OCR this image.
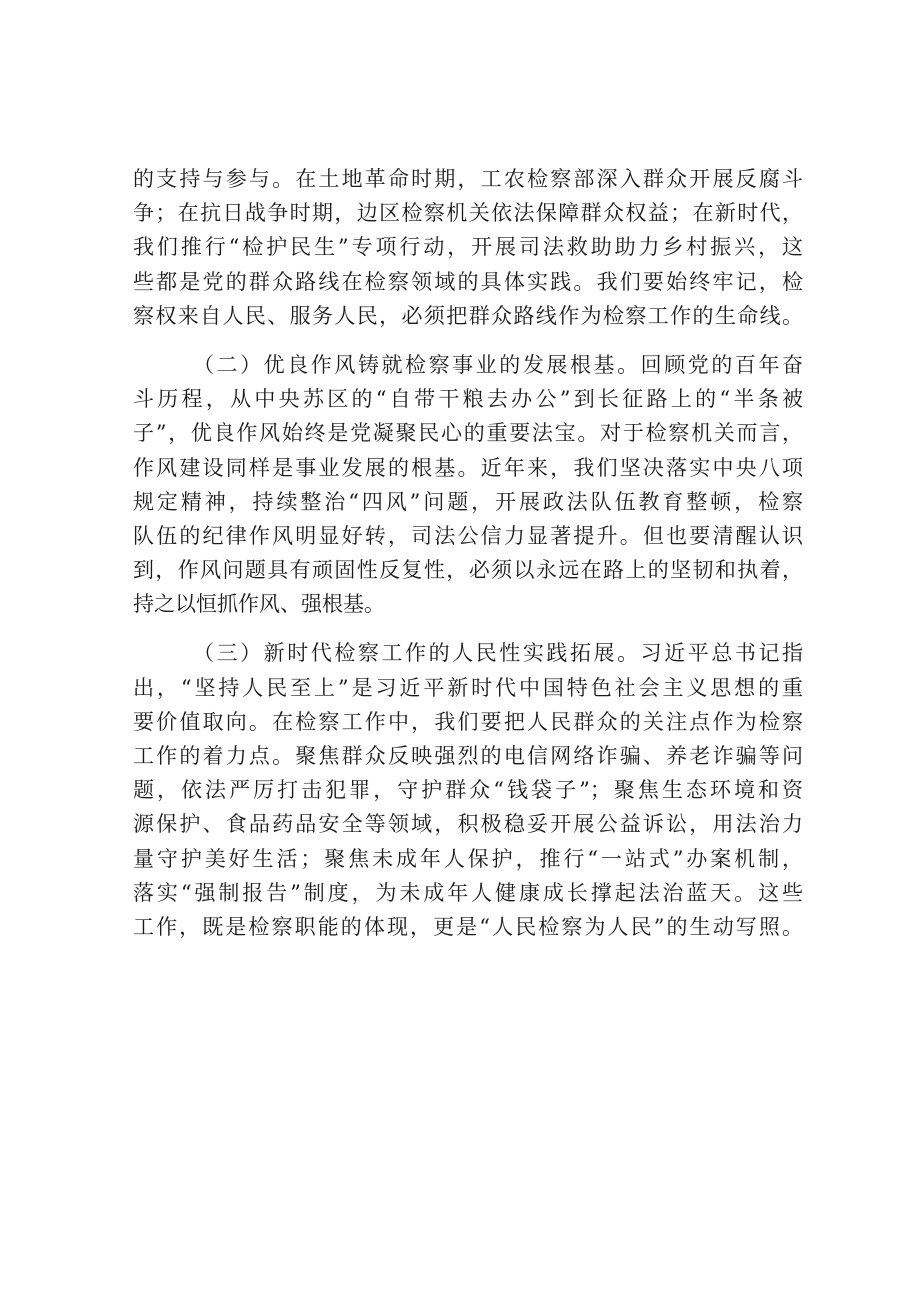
的支持与参与。在土地革命时期，工农检察部深入群众开展反腐斗
争；在抗日战争时期，边区检察机关依法保障群众权益；在新时代，
我们推行“检护民生”专项行动，开展司法救助助力乡村振兴，这
些都是党的群众路线在检察领域的具体实践。我们要始终牢记，检
察权来自人民、服务人民，必须把群众路线作为检察工作的生命线。
（二）优良作风铸就检察事业的发展根基。回顾党的百年奋
斗历程，从中央苏区的“自带干粮去办公”到长征路上的“半条被
子”，优良作风始终是党凝聚民心的重要法宝。对于检察机关而言，
作风建设同样是事业发展的根基。近年来，我们坚决落实中央八项
规定精神，持续整治“四风”问题，开展政法队伍教育整顿，检察
队伍的纪律作风明显好转，司法公信力显著提升。但也要清醒认识
到，作风问题具有顽固性反复性，必须以永远在路上的坚韧和执着，
持之以恒抓作风、强根基。
（三）新时代检察工作的人民性实践拓展。习近平总书记指
出，“坚持人民至上”是习近平新时代中国特色社会主义思想的重
要价值取向。在检察工作中，我们要把人民群众的关注点作为检察
工作的着力点。聚焦群众反映强烈的电信网络诈骗、养老诈骗等问
题，依法严厉打击犯罪，守护群众“钱袋子”；聚焦生态环境和资
源保护、食品药品安全等领域，积极稳妥开展公益诉讼，用法治力
量守护美好生活；聚焦未成年人保护，推行“一站式”办案机制，
落实“强制报告”制度，为未成年人健康成长撑起法治蓝天。这些
工作，既是检察职能的体现，更是“人民检察为人民”的生动写照。
